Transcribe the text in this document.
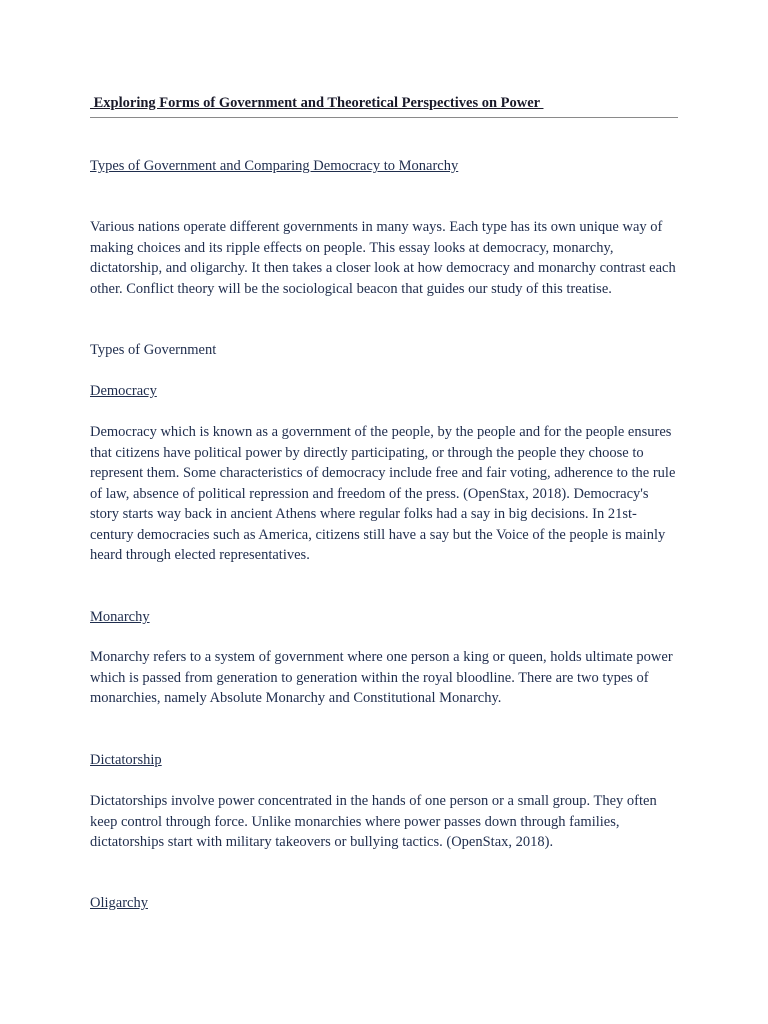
Exploring Forms of Government and Theoretical Perspectives on Power
Types of Government and Comparing Democracy to Monarchy
Various nations operate different governments in many ways. Each type has its own unique way of making choices and its ripple effects on people. This essay looks at democracy, monarchy, dictatorship, and oligarchy. It then takes a closer look at how democracy and monarchy contrast each other. Conflict theory will be the sociological beacon that guides our study of this treatise.
Types of Government
Democracy
Democracy which is known as a government of the people, by the people and for the people ensures that citizens have political power by directly participating, or through the people they choose to represent them. Some characteristics of democracy include free and fair voting, adherence to the rule of law, absence of political repression and freedom of the press. (OpenStax, 2018). Democracy's story starts way back in ancient Athens where regular folks had a say in big decisions. In 21st-century democracies such as America, citizens still have a say but the Voice of the people is mainly heard through elected representatives.
Monarchy
Monarchy refers to a system of government where one person a king or queen, holds ultimate power which is passed from generation to generation within the royal bloodline. There are two types of monarchies, namely Absolute Monarchy and Constitutional Monarchy.
Dictatorship
Dictatorships involve power concentrated in the hands of one person or a small group. They often keep control through force. Unlike monarchies where power passes down through families, dictatorships start with military takeovers or bullying tactics. (OpenStax, 2018).
Oligarchy
